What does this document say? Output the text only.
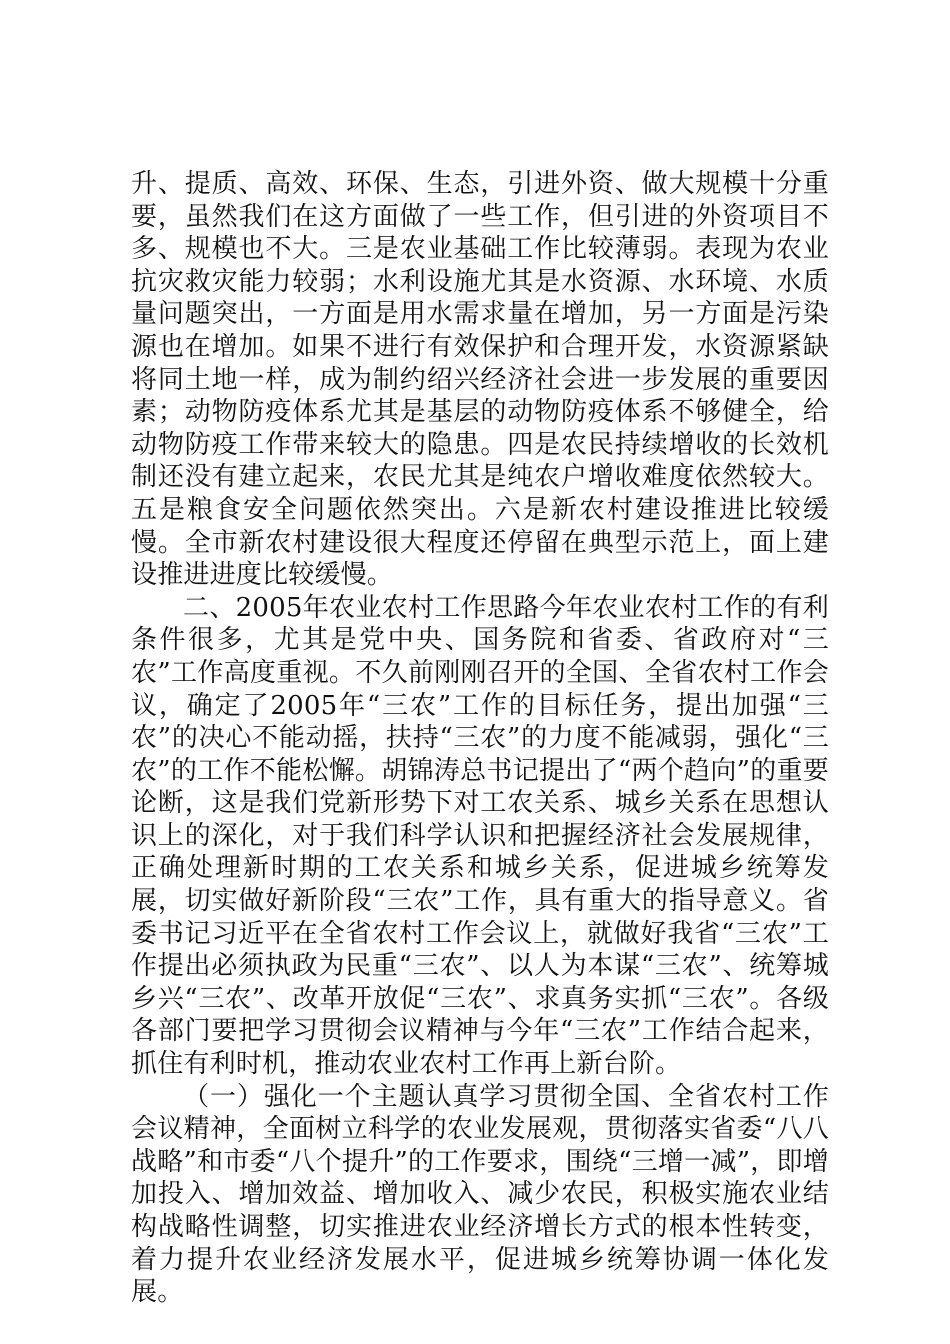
升、提质、高效、环保、生态，引进外资、做大规模十分重要，虽然我们在这方面做了一些工作，但引进的外资项目不多、规模也不大。三是农业基础工作比较薄弱。表现为农业抗灾救灾能力较弱；水利设施尤其是水资源、水环境、水质量问题突出，一方面是用水需求量在增加，另一方面是污染源也在增加。如果不进行有效保护和合理开发，水资源紧缺将同土地一样，成为制约绍兴经济社会进一步发展的重要因素；动物防疫体系尤其是基层的动物防疫体系不够健全，给动物防疫工作带来较大的隐患。四是农民持续增收的长效机制还没有建立起来，农民尤其是纯农户增收难度依然较大。五是粮食安全问题依然突出。六是新农村建设推进比较缓慢。全市新农村建设很大程度还停留在典型示范上，面上建设推进进度比较缓慢。

二、2005年农业农村工作思路今年农业农村工作的有利条件很多，尤其是党中央、国务院和省委、省政府对“三农”工作高度重视。不久前刚刚召开的全国、全省农村工作会议，确定了2005年“三农”工作的目标任务，提出加强“三农”的决心不能动摇，扶持“三农”的力度不能减弱，强化“三农”的工作不能松懈。胡锦涛总书记提出了“两个趋向”的重要论断，这是我们党新形势下对工农关系、城乡关系在思想认识上的深化，对于我们科学认识和把握经济社会发展规律，正确处理新时期的工农关系和城乡关系，促进城乡统筹发展，切实做好新阶段“三农”工作，具有重大的指导意义。省委书记习近平在全省农村工作会议上，就做好我省“三农”工作提出必须执政为民重“三农”、以人为本谋“三农”、统筹城乡兴“三农”、改革开放促“三农”、求真务实抓“三农”。各级各部门要把学习贯彻会议精神与今年“三农”工作结合起来，抓住有利时机，推动农业农村工作再上新台阶。

（一）强化一个主题认真学习贯彻全国、全省农村工作会议精神，全面树立科学的农业发展观，贯彻落实省委“八八战略”和市委“八个提升”的工作要求，围绕“三增一减”，即增加投入、增加效益、增加收入、减少农民，积极实施农业结构战略性调整，切实推进农业经济增长方式的根本性转变，着力提升农业经济发展水平，促进城乡统筹协调一体化发展。
